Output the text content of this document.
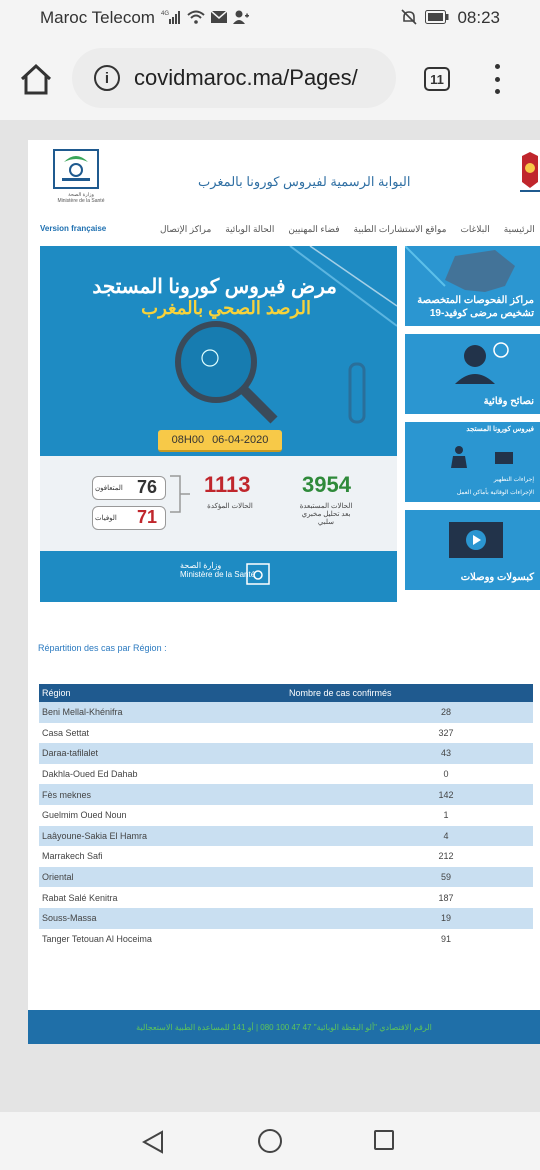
Maroc Telecom 4G	08:23
i	covidmaroc.ma/Pages/	11
وزارة الصحة
Ministère de la Santé
البوابة الرسمية لفيروس كورونا بالمغرب
Version française	الرئيسية
البلاغات
مواقع الاستشارات الطبية
فضاء المهنيين
الحالة الوبائية
مراكز الإتصال
مرض فيروس كورونا المستجد
الرصد الصحي بالمغرب
08H00 06-04-2020
3954
الحالات المستبعدة بعد تحليل مخبري سلبي
1113
الحالات المؤكدة
76
المتعافون
71
الوفيات
وزارة الصحة
Ministère de la Santé
مراكز الفحوصات المتخصصة تشخيص مرضى كوفيد-19
نصائح وقائية
فيروس كورونا المستجد
إجراءات التطهير
الإجراءات الوقائية بأماكن العمل
كبسولات ووصلات
Répartition des cas par Région :
Région	Nombre de cas confirmés
Beni Mellal-Khénifra	28
Casa Settat	327
Daraa-tafilalet	43
Dakhla-Oued Ed Dahab	0
Fès meknes	142
Guelmim Oued Noun	1
Laâyoune-Sakia El Hamra	4
Marrakech Safi	212
Oriental	59
Rabat Salé Kenitra	187
Souss-Massa	19
Tanger Tetouan Al Hoceima	91
الرقم الاقتصادي "ألو اليقظة الوبائية" 47 47 100 080 | أو 141 للمساعدة الطبية الاستعجالية
